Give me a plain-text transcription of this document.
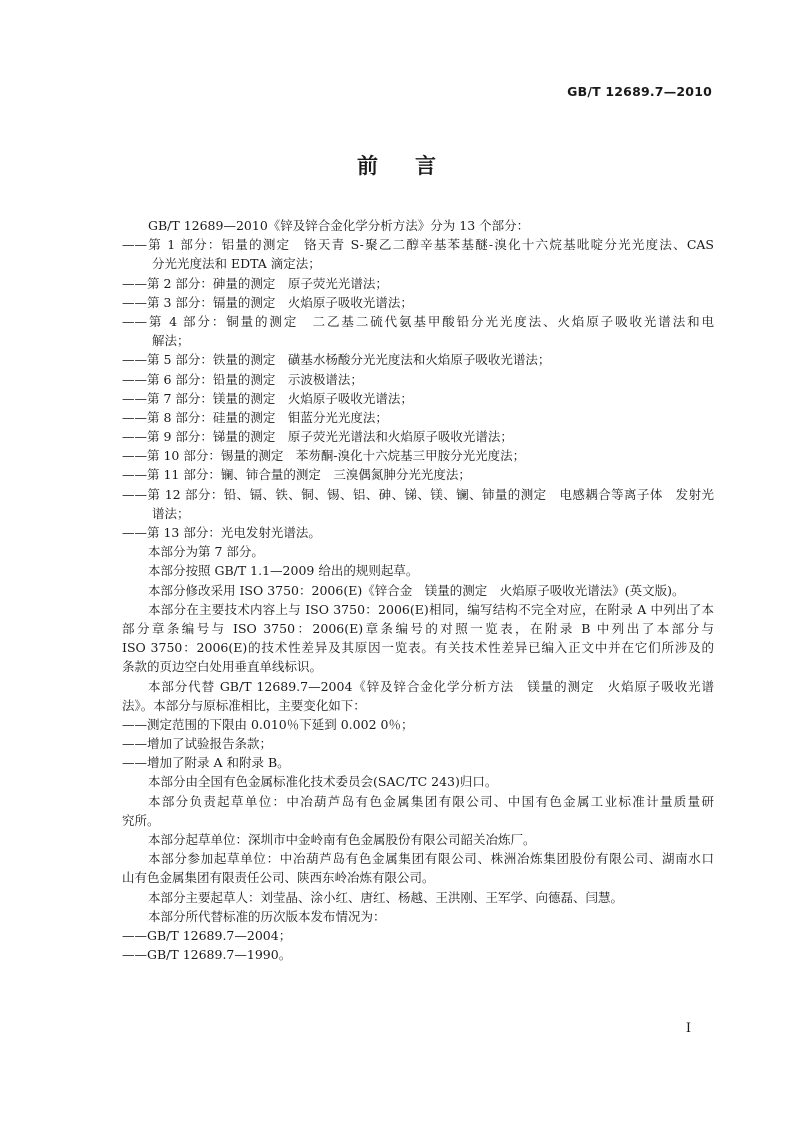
GB/T 12689.7—2010
前 言
GB/T 12689—2010《锌及锌合金化学分析方法》分为 13 个部分：
——第 1 部分：铝量的测定　铬天青 S-聚乙二醇辛基苯基醚-溴化十六烷基吡啶分光光度法、CAS
分光光度法和 EDTA 滴定法；
——第 2 部分：砷量的测定　原子荧光光谱法；
——第 3 部分：镉量的测定　火焰原子吸收光谱法；
——第 4 部分：铜量的测定　二乙基二硫代氨基甲酸铅分光光度法、火焰原子吸收光谱法和电
解法；
——第 5 部分：铁量的测定　磺基水杨酸分光光度法和火焰原子吸收光谱法；
——第 6 部分：铅量的测定　示波极谱法；
——第 7 部分：镁量的测定　火焰原子吸收光谱法；
——第 8 部分：硅量的测定　钼蓝分光光度法；
——第 9 部分：锑量的测定　原子荧光光谱法和火焰原子吸收光谱法；
——第 10 部分：锡量的测定　苯芴酮-溴化十六烷基三甲胺分光光度法；
——第 11 部分：镧、铈合量的测定　三溴偶氮胂分光光度法；
——第 12 部分：铅、镉、铁、铜、锡、铝、砷、锑、镁、镧、铈量的测定　电感耦合等离子体　发射光
谱法；
——第 13 部分：光电发射光谱法。
本部分为第 7 部分。
本部分按照 GB/T 1.1—2009 给出的规则起草。
本部分修改采用 ISO 3750：2006(E)《锌合金　镁量的测定　火焰原子吸收光谱法》(英文版)。
本部分在主要技术内容上与 ISO 3750：2006(E)相同，编写结构不完全对应，在附录 A 中列出了本
部分章条编号与 ISO 3750：2006(E)章条编号的对照一览表，在附录 B 中列出了本部分与
ISO 3750：2006(E)的技术性差异及其原因一览表。有关技术性差异已编入正文中并在它们所涉及的
条款的页边空白处用垂直单线标识。
本部分代替 GB/T 12689.7—2004《锌及锌合金化学分析方法　镁量的测定　火焰原子吸收光谱
法》。本部分与原标准相比，主要变化如下：
——测定范围的下限由 0.010％下延到 0.002 0％；
——增加了试验报告条款；
——增加了附录 A 和附录 B。
本部分由全国有色金属标准化技术委员会(SAC/TC 243)归口。
本部分负责起草单位：中冶葫芦岛有色金属集团有限公司、中国有色金属工业标准计量质量研
究所。
本部分起草单位：深圳市中金岭南有色金属股份有限公司韶关冶炼厂。
本部分参加起草单位：中冶葫芦岛有色金属集团有限公司、株洲冶炼集团股份有限公司、湖南水口
山有色金属集团有限责任公司、陕西东岭冶炼有限公司。
本部分主要起草人：刘莹晶、涂小红、唐红、杨越、王洪刚、王军学、向德磊、闫慧。
本部分所代替标准的历次版本发布情况为：
——GB/T 12689.7—2004；
——GB/T 12689.7—1990。
I
